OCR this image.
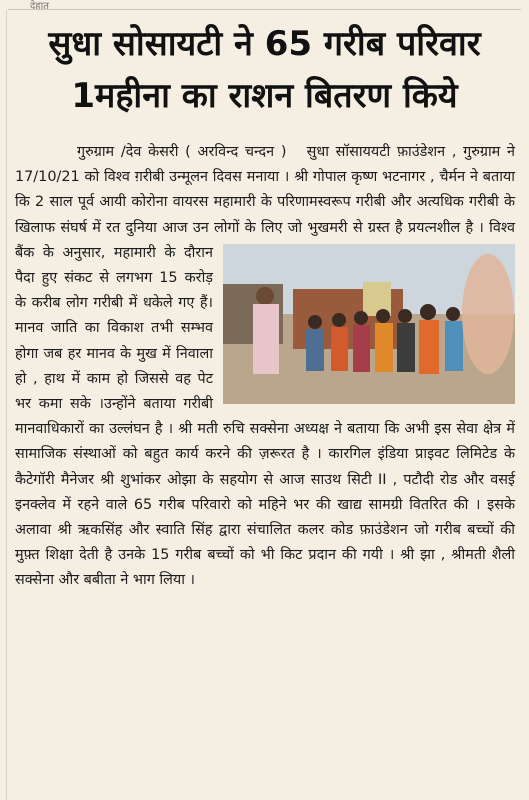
देहात
सुधा सोसायटी ने 65 गरीब परिवार
1महीना का राशन बितरण किये

गुरुग्राम /देव केसरी ( अरविन्द चन्दन ) सुधा सॉसाययटी फ़ाउंडेशन , गुरुग्राम ने 17/10/21 को विश्व ग़रीबी उन्मूलन दिवस मनाया । श्री गोपाल कृष्ण भटनागर , चैर्मन ने बताया कि 2 साल पूर्व आयी कोरोना वायरस महामारी के परिणामस्वरूप गरीबी और अत्यधिक गरीबी के खिलाफ संघर्ष में रत दुनिया आज उन लोगों के लिए जो भुखमरी से ग्रस्त है प्रयत्नशील है । विश्व बैंक के अनुसार, महामारी के दौरान पैदा हुए संकट से लगभग 15 करोड़ के करीब लोग गरीबी में धकेले गए हैं। मानव जाति का विकाश तभी सम्भव होगा जब हर मानव के मुख में निवाला हो , हाथ में काम हो जिससे वह पेट भर कमा सके ।उन्होंने बताया गरीबी मानवाधिकारों का उल्लंघन है । श्री मती रुचि सक्सेना अध्यक्ष ने बताया कि अभी इस सेवा क्षेत्र में सामाजिक संस्थाओं को बहुत कार्य करने की ज़रूरत है । कारगिल इंडिया प्राइवट लिमिटेड के कैटेगॉरी मैनेजर श्री शुभांकर ओझा के सहयोग से आज साउथ सिटी II , पटौदी रोड और वसई इनक्लेव में रहने वाले 65 गरीब परिवारो को महिने भर की खाद्य सामग्री वितरित की । इसके अलावा श्री ऋकसिंह और स्वाति सिंह द्वारा संचालित कलर कोड फ़ाउंडेशन जो गरीब बच्चों की मुफ़्त शिक्षा देती है उनके 15 गरीब बच्चों को भी किट प्रदान की गयी । श्री झा , श्रीमती शैली सक्सेना और बबीता ने भाग लिया ।
